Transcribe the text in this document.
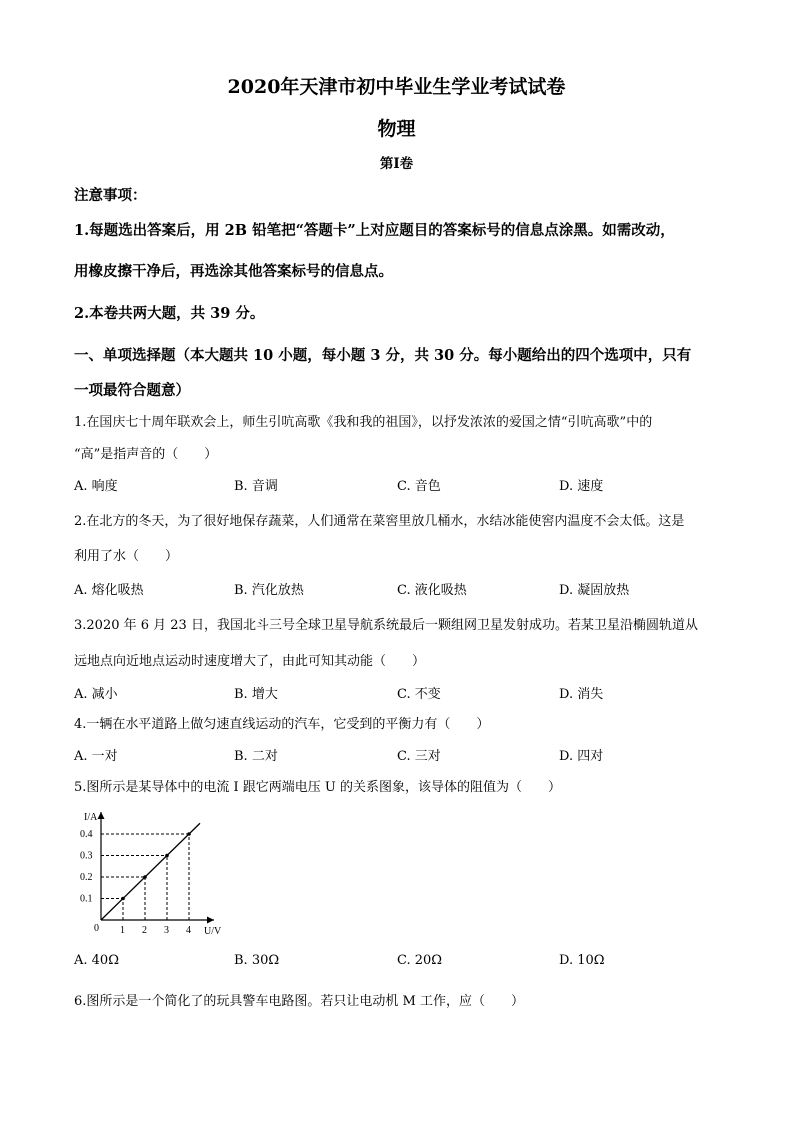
2020年天津市初中毕业生学业考试试卷
物理
第I卷
注意事项：
1.每题选出答案后，用 2B 铅笔把“答题卡”上对应题目的答案标号的信息点涂黑。如需改动，
用橡皮擦干净后，再选涂其他答案标号的信息点。
2.本卷共两大题，共 39 分。
一、单项选择题（本大题共 10 小题，每小题 3 分，共 30 分。每小题给出的四个选项中，只有
一项最符合题意）
1.在国庆七十周年联欢会上，师生引吭高歌《我和我的祖国》，以抒发浓浓的爱国之情“引吭高歌”中的
“高”是指声音的（　　）
A. 响度	B. 音调	C. 音色	D. 速度
2.在北方的冬天，为了很好地保存蔬菜，人们通常在菜窖里放几桶水，水结冰能使窖内温度不会太低。这是
利用了水（　　）
A. 熔化吸热	B. 汽化放热	C. 液化吸热	D. 凝固放热
3.2020 年 6 月 23 日，我国北斗三号全球卫星导航系统最后一颗组网卫星发射成功。若某卫星沿椭圆轨道从
远地点向近地点运动时速度增大了，由此可知其动能（　　）
A. 减小	B. 增大	C. 不变	D. 消失
4.一辆在水平道路上做匀速直线运动的汽车，它受到的平衡力有（　　）
A. 一对	B. 二对	C. 三对	D. 四对
5.图所示是某导体中的电流 I 跟它两端电压 U 的关系图象，该导体的阻值为（　　）
I/A
U/V
0 1
0.1
2
0.2
3
0.3
4
0.4
A. 40Ω	B. 30Ω	C. 20Ω	D. 10Ω
6.图所示是一个简化了的玩具警车电路图。若只让电动机 M 工作，应（　　）
